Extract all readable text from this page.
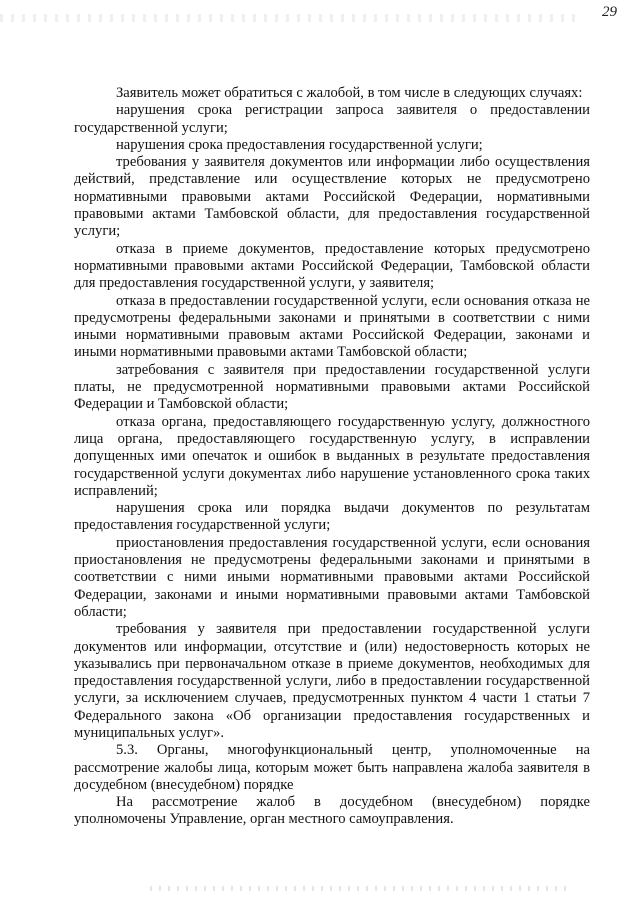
29

Заявитель может обратиться с жалобой, в том числе в следующих случаях:

нарушения срока регистрации запроса заявителя о предоставлении государственной услуги;

нарушения срока предоставления государственной услуги;

требования у заявителя документов или информации либо осуществления действий, представление или осуществление которых не предусмотрено нормативными правовыми актами Российской Федерации, нормативными правовыми актами Тамбовской области, для предоставления государственной услуги;

отказа в приеме документов, предоставление которых предусмотрено нормативными правовыми актами Российской Федерации, Тамбовской области для предоставления государственной услуги, у заявителя;

отказа в предоставлении государственной услуги, если основания отказа не предусмотрены федеральными законами и принятыми в соответствии с ними иными нормативными правовым актами Российской Федерации, законами и иными нормативными правовыми актами Тамбовской области;

затребования с заявителя при предоставлении государственной услуги платы, не предусмотренной нормативными правовыми актами Российской Федерации и Тамбовской области;

отказа органа, предоставляющего государственную услугу, должностного лица органа, предоставляющего государственную услугу, в исправлении допущенных ими опечаток и ошибок в выданных в результате предоставления государственной услуги документах либо нарушение установленного срока таких исправлений;

нарушения срока или порядка выдачи документов по результатам предоставления государственной услуги;

приостановления предоставления государственной услуги, если основания приостановления не предусмотрены федеральными законами и принятыми в соответствии с ними иными нормативными правовыми актами Российской Федерации, законами и иными нормативными правовыми актами Тамбовской области;

требования у заявителя при предоставлении государственной услуги документов или информации, отсутствие и (или) недостоверность которых не указывались при первоначальном отказе в приеме документов, необходимых для предоставления государственной услуги, либо в предоставлении государственной услуги, за исключением случаев, предусмотренных пунктом 4 части 1 статьи 7 Федерального закона «Об организации предоставления государственных и муниципальных услуг».

5.3. Органы, многофункциональный центр, уполномоченные на рассмотрение жалобы лица, которым может быть направлена жалоба заявителя в досудебном (внесудебном) порядке

На рассмотрение жалоб в досудебном (внесудебном) порядке уполномочены Управление, орган местного самоуправления.
